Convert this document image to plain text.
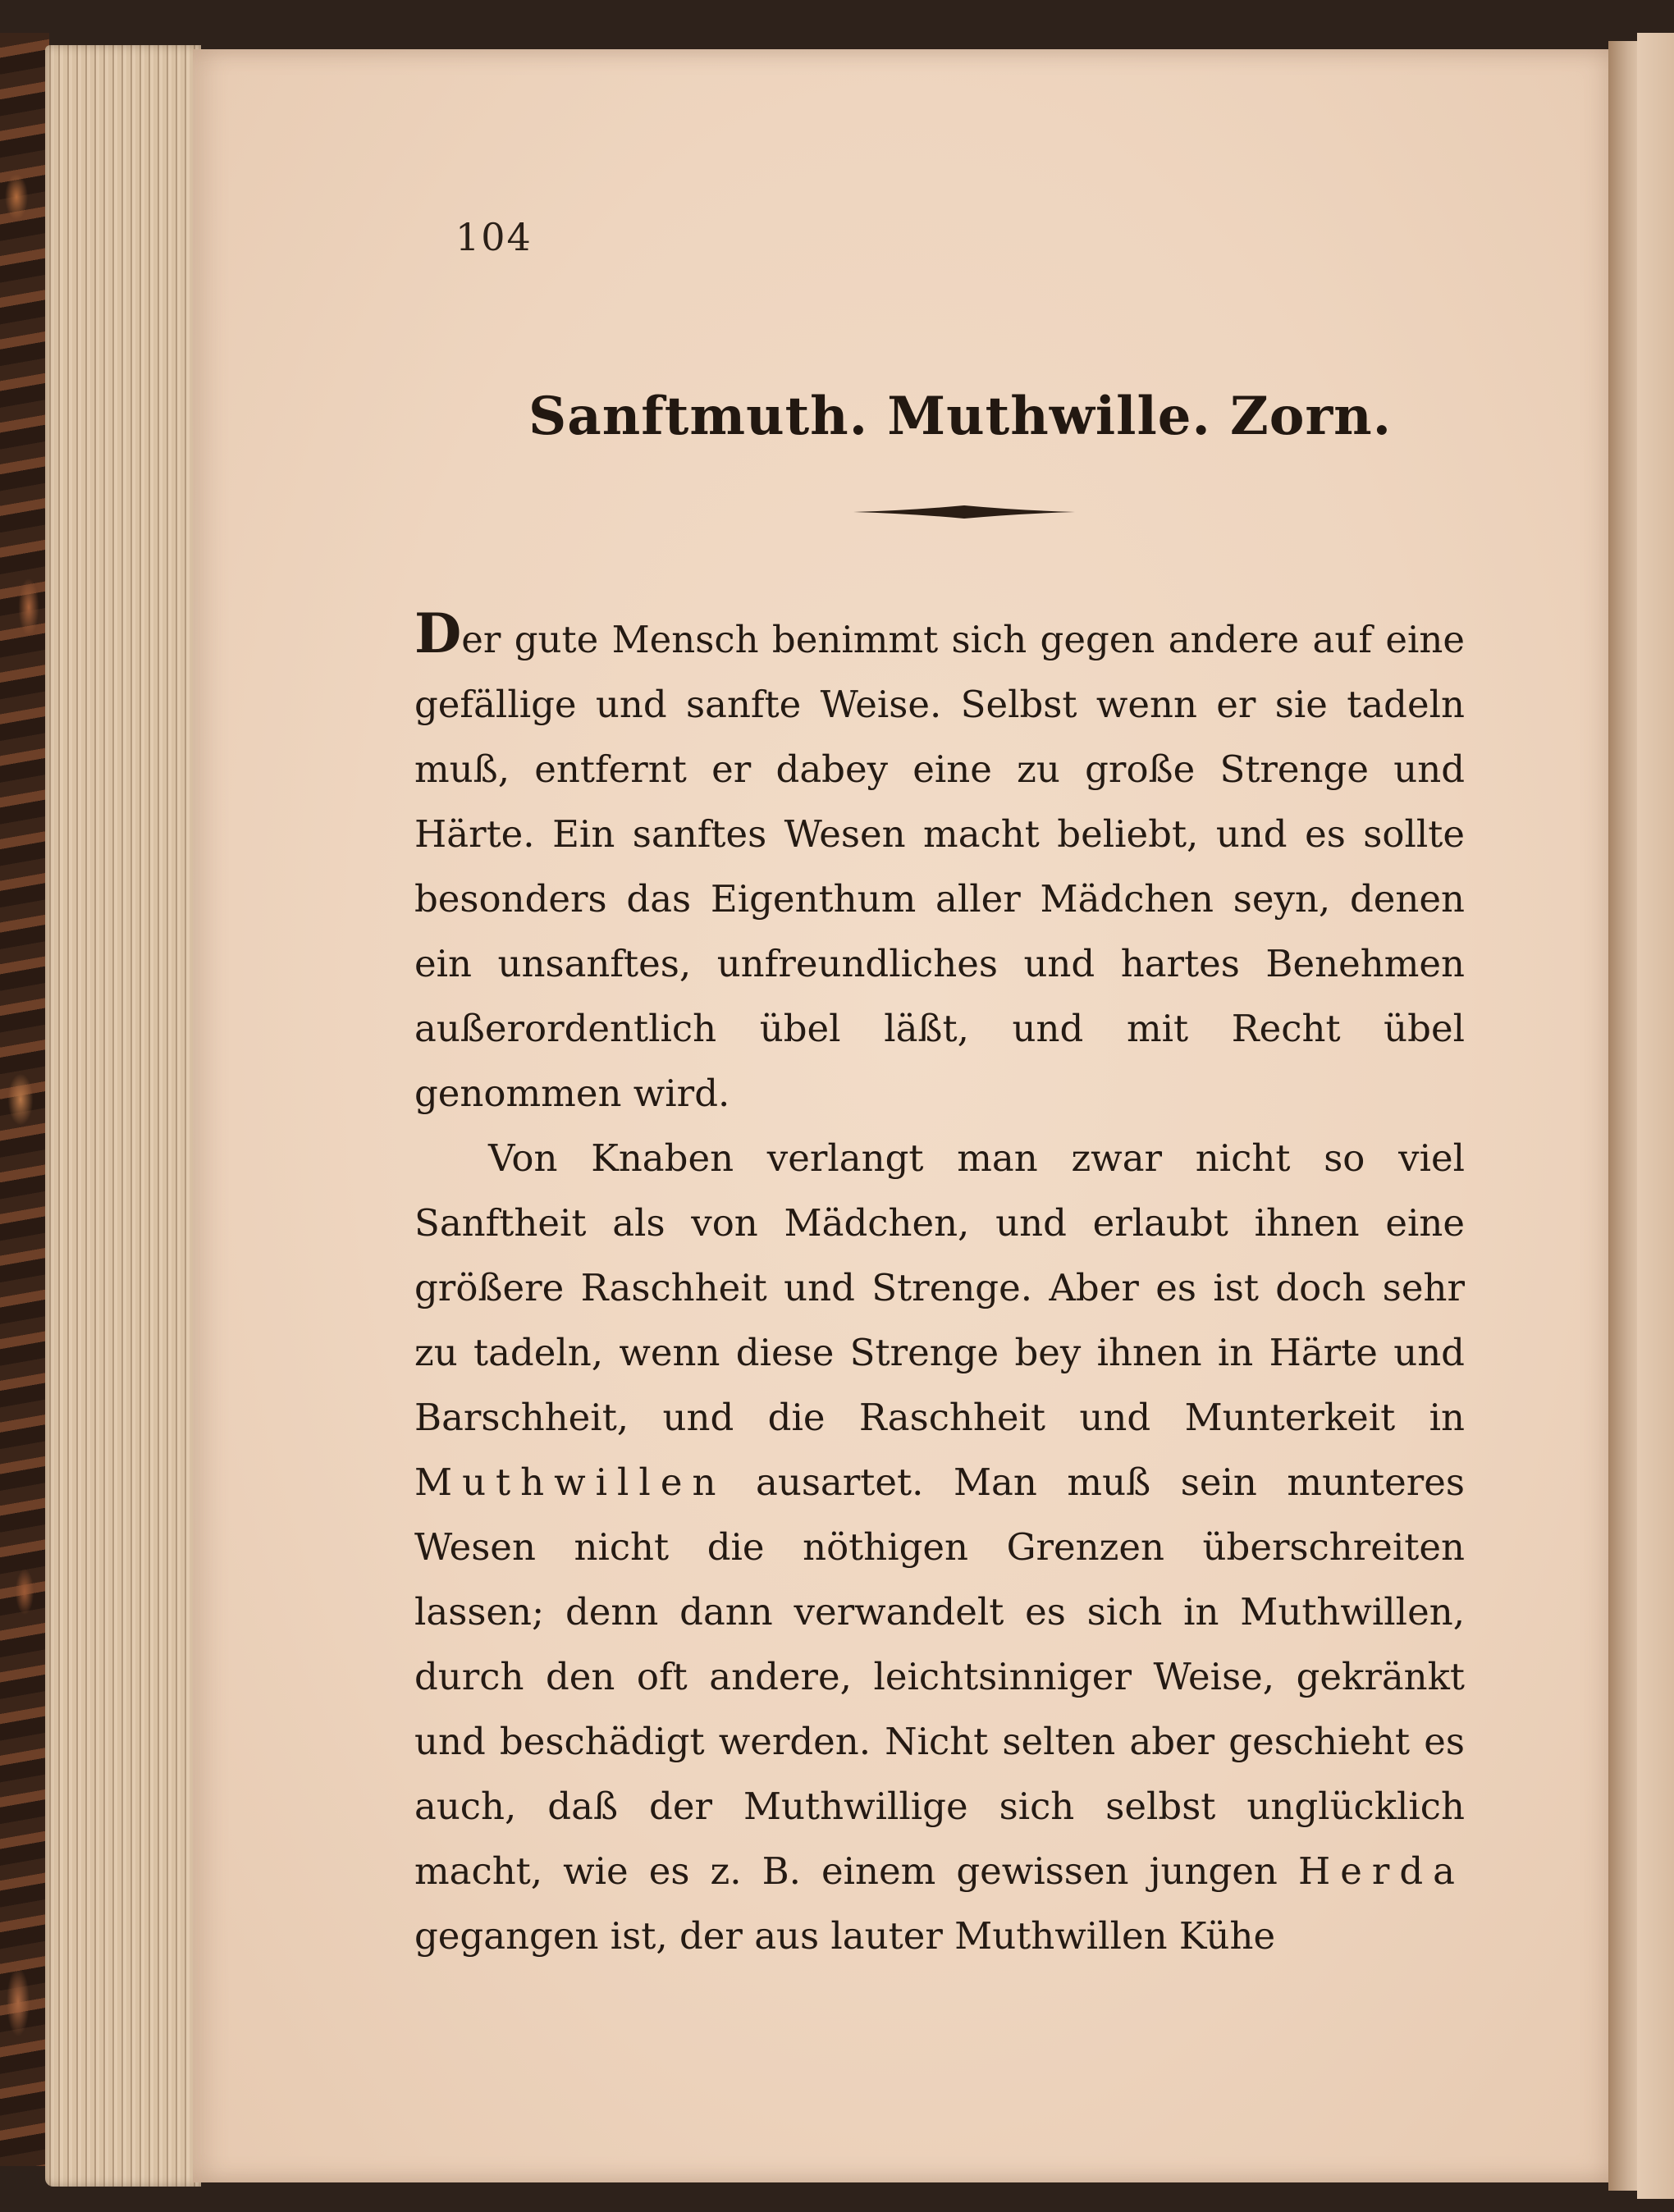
104
Sanftmuth. Muthwille. Zorn.

Der gute Mensch benimmt sich gegen andere auf eine gefällige und sanfte Weise. Selbst wenn er sie tadeln muß, entfernt er dabey eine zu große Strenge und Härte. Ein sanftes Wesen macht beliebt, und es sollte besonders das Eigenthum aller Mädchen seyn, denen ein unsanftes, unfreundliches und hartes Benehmen außerordentlich übel läßt, und mit Recht übel genommen wird.

Von Knaben verlangt man zwar nicht so viel Sanftheit als von Mädchen, und erlaubt ihnen eine größere Raschheit und Strenge. Aber es ist doch sehr zu tadeln, wenn diese Strenge bey ihnen in Härte und Barschheit, und die Raschheit und Munterkeit in Muthwillen ausartet. Man muß sein munteres Wesen nicht die nöthigen Grenzen überschreiten lassen; denn dann verwandelt es sich in Muthwillen, durch den oft andere, leichtsinniger Weise, gekränkt und beschädigt werden. Nicht selten aber geschieht es auch, daß der Muthwillige sich selbst unglücklich macht, wie es z. B. einem gewissen jungen Herda gegangen ist, der aus lauter Muthwillen Kühe
